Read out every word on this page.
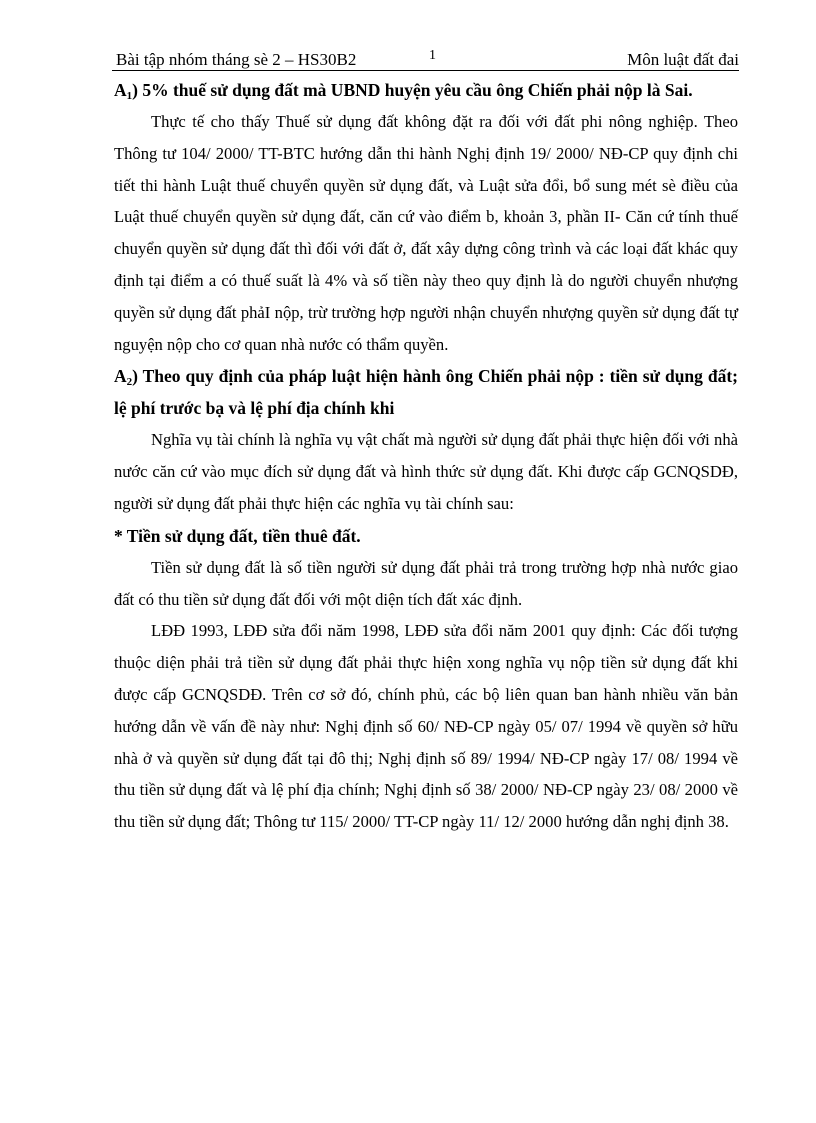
Bài tập nhóm tháng sè 2 – HS30B2	1	Môn luật đất đai

$A_1$) 5% thuế sử dụng đất mà UBND huyện yêu cầu ông Chiến phải nộp là Sai.

Thực tế cho thấy Thuế sử dụng đất không đặt ra đối với đất phi nông nghiệp. Theo Thông tư 104/ 2000/ TT-BTC hướng dẫn thi hành Nghị định 19/ 2000/ NĐ-CP quy định chi tiết thi hành Luật thuế chuyển quyền sử dụng đất, và Luật sửa đổi, bổ sung mét sè điều của Luật thuế chuyển quyền sử dụng đất, căn cứ vào điểm b, khoản 3, phần II- Căn cứ tính thuế chuyển quyền sử dụng đất thì đối với đất ở, đất xây dựng công trình và các loại đất khác quy định tại điểm a có thuế suất là 4% và số tiền này theo quy định là do người chuyển nhượng quyền sử dụng đất phảI nộp, trừ trường hợp người nhận chuyển nhượng quyền sử dụng đất tự nguyện nộp cho cơ quan nhà nước có thẩm quyền.

$A_2$) Theo quy định của pháp luật hiện hành ông Chiến phải nộp : tiền sử dụng đất; lệ phí trước bạ và lệ phí địa chính khi

Nghĩa vụ tài chính là nghĩa vụ vật chất mà người sử dụng đất phải thực hiện đối với nhà nước căn cứ vào mục đích sử dụng đất và hình thức sử dụng đất. Khi được cấp GCNQSDĐ, người sử dụng đất phải thực hiện các nghĩa vụ tài chính sau:

* Tiền sử dụng đất, tiền thuê đất.

Tiền sử dụng đất là số tiền người sử dụng đất phải trả trong trường hợp nhà nước giao đất có thu tiền sử dụng đất đối với một diện tích đất xác định.

LĐĐ 1993, LĐĐ sửa đổi năm 1998, LĐĐ sửa đổi năm 2001 quy định: Các đối tượng thuộc diện phải trả tiền sử dụng đất phải thực hiện xong nghĩa vụ nộp tiền sử dụng đất khi được cấp GCNQSDĐ. Trên cơ sở đó, chính phủ, các bộ liên quan ban hành nhiều văn bản hướng dẫn về vấn đề này như: Nghị định số 60/ NĐ-CP ngày 05/ 07/ 1994 về quyền sở hữu nhà ở và quyền sử dụng đất tại đô thị; Nghị định số 89/ 1994/ NĐ-CP ngày 17/ 08/ 1994 về thu tiền sử dụng đất và lệ phí địa chính; Nghị định số 38/ 2000/ NĐ-CP ngày 23/ 08/ 2000 về thu tiền sử dụng đất; Thông tư 115/ 2000/ TT-CP ngày 11/ 12/ 2000 hướng dẫn nghị định 38.
